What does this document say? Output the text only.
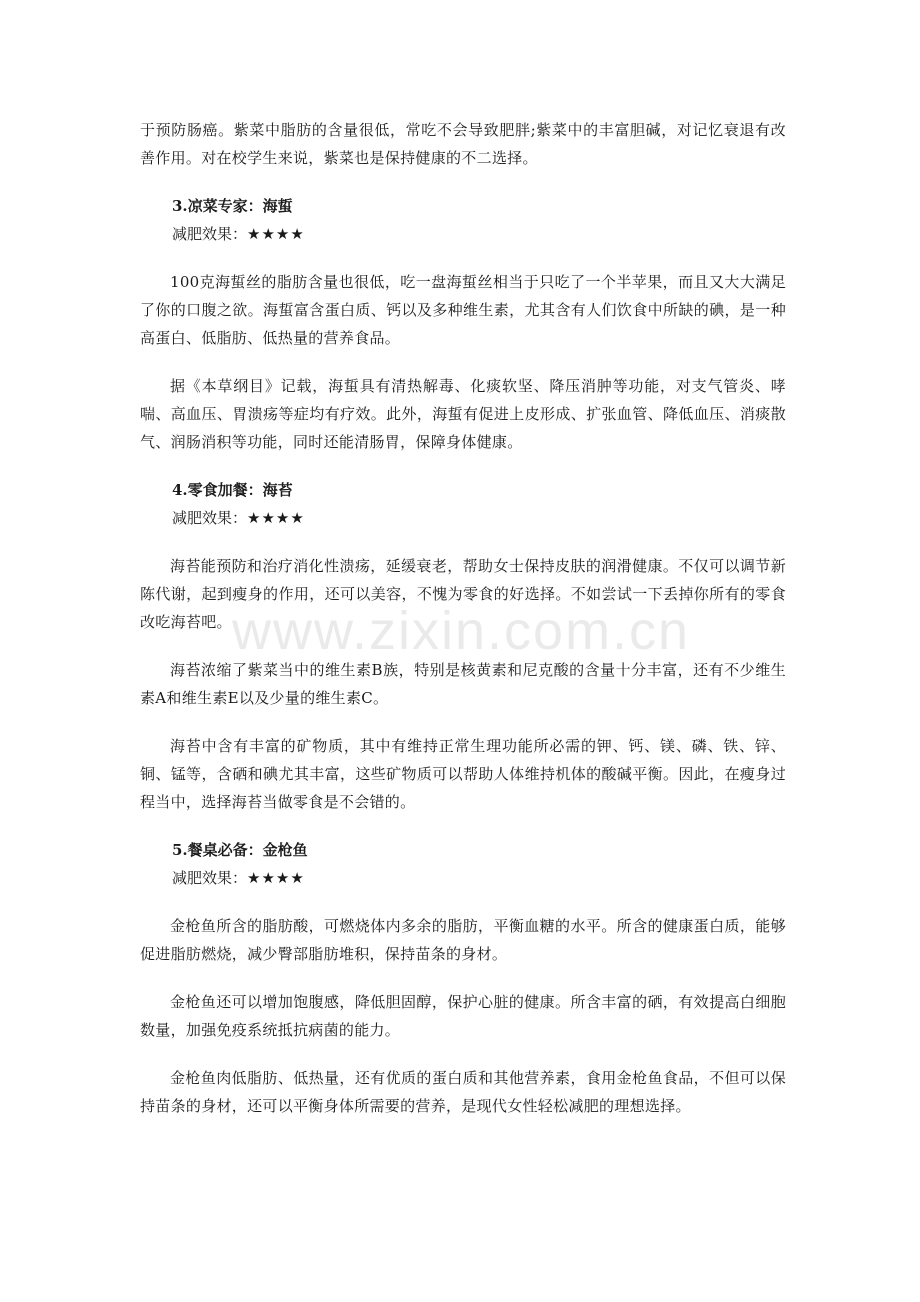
于预防肠癌。紫菜中脂肪的含量很低，常吃不会导致肥胖;紫菜中的丰富胆碱，对记忆衰退有改善作用。对在校学生来说，紫菜也是保持健康的不二选择。

3.凉菜专家：海蜇
减肥效果：★★★★

100克海蜇丝的脂肪含量也很低，吃一盘海蜇丝相当于只吃了一个半苹果，而且又大大满足了你的口腹之欲。海蜇富含蛋白质、钙以及多种维生素，尤其含有人们饮食中所缺的碘，是一种高蛋白、低脂肪、低热量的营养食品。

据《本草纲目》记载，海蜇具有清热解毒、化痰软坚、降压消肿等功能，对支气管炎、哮喘、高血压、胃溃疡等症均有疗效。此外，海蜇有促进上皮形成、扩张血管、降低血压、消痰散气、润肠消积等功能，同时还能清肠胃，保障身体健康。

4.零食加餐：海苔
减肥效果：★★★★

海苔能预防和治疗消化性溃疡，延缓衰老，帮助女士保持皮肤的润滑健康。不仅可以调节新陈代谢，起到瘦身的作用，还可以美容，不愧为零食的好选择。不如尝试一下丢掉你所有的零食改吃海苔吧。

海苔浓缩了紫菜当中的维生素B族，特别是核黄素和尼克酸的含量十分丰富，还有不少维生素A和维生素E以及少量的维生素C。

海苔中含有丰富的矿物质，其中有维持正常生理功能所必需的钾、钙、镁、磷、铁、锌、铜、锰等，含硒和碘尤其丰富，这些矿物质可以帮助人体维持机体的酸碱平衡。因此，在瘦身过程当中，选择海苔当做零食是不会错的。

5.餐桌必备：金枪鱼
减肥效果：★★★★

金枪鱼所含的脂肪酸，可燃烧体内多余的脂肪，平衡血糖的水平。所含的健康蛋白质，能够促进脂肪燃烧，减少臀部脂肪堆积，保持苗条的身材。

金枪鱼还可以增加饱腹感，降低胆固醇，保护心脏的健康。所含丰富的硒，有效提高白细胞数量，加强免疫系统抵抗病菌的能力。

金枪鱼肉低脂肪、低热量，还有优质的蛋白质和其他营养素，食用金枪鱼食品，不但可以保持苗条的身材，还可以平衡身体所需要的营养，是现代女性轻松减肥的理想选择。

www.zixin.com.cn
